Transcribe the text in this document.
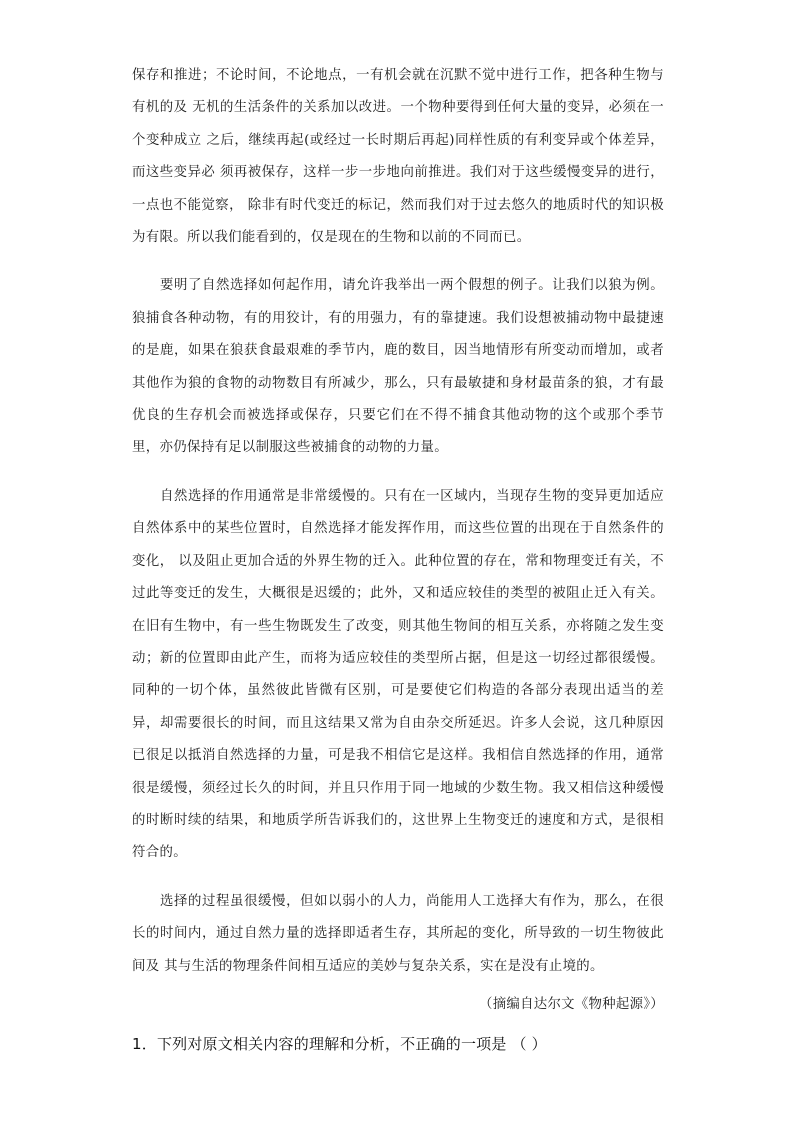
保存和推进；不论时间，不论地点，一有机会就在沉默不觉中进行工作，把各种生物与有机的及 无机的生活条件的关系加以改进。一个物种要得到任何大量的变异，必须在一个变种成立 之后，继续再起(或经过一长时期后再起)同样性质的有利变异或个体差异，而这些变异必 须再被保存，这样一步一步地向前推进。我们对于这些缓慢变异的进行， 一点也不能觉察， 除非有时代变迁的标记，然而我们对于过去悠久的地质时代的知识极为有限。所以我们能看到的，仅是现在的生物和以前的不同而已。

要明了自然选择如何起作用，请允许我举出一两个假想的例子。让我们以狼为例。狼捕食各种动物，有的用狡计，有的用强力，有的靠捷速。我们设想被捕动物中最捷速的是鹿，如果在狼获食最艰难的季节内，鹿的数目，因当地情形有所变动而增加，或者其他作为狼的食物的动物数目有所减少，那么，只有最敏捷和身材最苗条的狼，才有最优良的生存机会而被选择或保存，只要它们在不得不捕食其他动物的这个或那个季节里，亦仍保持有足以制服这些被捕食的动物的力量。

自然选择的作用通常是非常缓慢的。只有在一区域内，当现存生物的变异更加适应自然体系中的某些位置时，自然选择才能发挥作用，而这些位置的出现在于自然条件的变化， 以及阻止更加合适的外界生物的迁入。此种位置的存在，常和物理变迁有关，不过此等变迁的发生，大概很是迟缓的；此外，又和适应较佳的类型的被阻止迁入有关。在旧有生物中，有一些生物既发生了改变，则其他生物间的相互关系，亦将随之发生变动；新的位置即由此产生，而将为适应较佳的类型所占据，但是这一切经过都很缓慢。同种的一切个体，虽然彼此皆微有区别，可是要使它们构造的各部分表现出适当的差异，却需要很长的时间，而且这结果又常为自由杂交所延迟。许多人会说，这几种原因已很足以抵消自然选择的力量，可是我不相信它是这样。我相信自然选择的作用，通常很是缓慢，须经过长久的时间，并且只作用于同一地域的少数生物。我又相信这种缓慢的时断时续的结果，和地质学所告诉我们的，这世界上生物变迁的速度和方式，是很相符合的。

选择的过程虽很缓慢，但如以弱小的人力，尚能用人工选择大有作为，那么，在很长的时间内，通过自然力量的选择即适者生存，其所起的变化，所导致的一切生物彼此间及 其与生活的物理条件间相互适应的美妙与复杂关系，实在是没有止境的。

（摘编自达尔文《物种起源》）

1．下列对原文相关内容的理解和分析，不正确的一项是 （ ）
